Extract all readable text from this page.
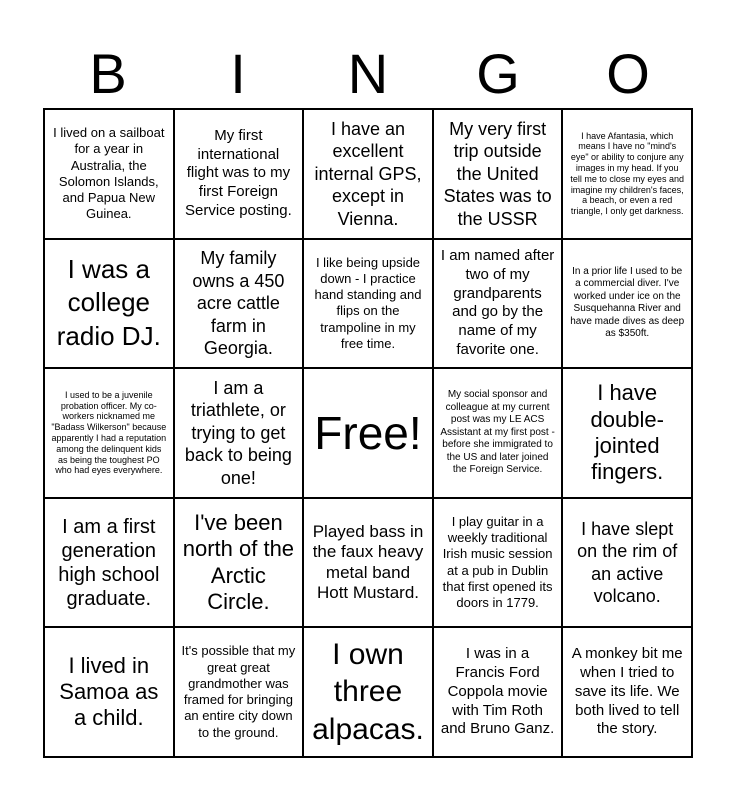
B	I	N	G	O
I lived on a sailboat for a year in Australia, the Solomon Islands, and Papua New Guinea.
My first international flight was to my first Foreign Service posting.
I have an excellent internal GPS, except in Vienna.
My very first trip outside the United States was to the USSR
I have Afantasia, which means I have no "mind's eye" or ability to conjure any images in my head. If you tell me to close my eyes and imagine my children's faces, a beach, or even a red triangle, I only get darkness.
I was a college radio DJ.
My family owns a 450 acre cattle farm in Georgia.
I like being upside down - I practice hand standing and flips on the trampoline in my free time.
I am named after two of my grandparents and go by the name of my favorite one.
In a prior life I used to be a commercial diver. I've worked under ice on the Susquehanna River and have made dives as deep as $350ft.
I used to be a juvenile probation officer. My co-workers nicknamed me "Badass Wilkerson" because apparently I had a reputation among the delinquent kids as being the toughest PO who had eyes everywhere.
I am a triathlete, or trying to get back to being one!
Free!
My social sponsor and colleague at my current post was my LE ACS Assistant at my first post - before she immigrated to the US and later joined the Foreign Service.
I have double-jointed fingers.
I am a first generation high school graduate.
I've been north of the Arctic Circle.
Played bass in the faux heavy metal band Hott Mustard.
I play guitar in a weekly traditional Irish music session at a pub in Dublin that first opened its doors in 1779.
I have slept on the rim of an active volcano.
I lived in Samoa as a child.
It's possible that my great great grandmother was framed for bringing an entire city down to the ground.
I own three alpacas.
I was in a Francis Ford Coppola movie with Tim Roth and Bruno Ganz.
A monkey bit me when I tried to save its life. We both lived to tell the story.
